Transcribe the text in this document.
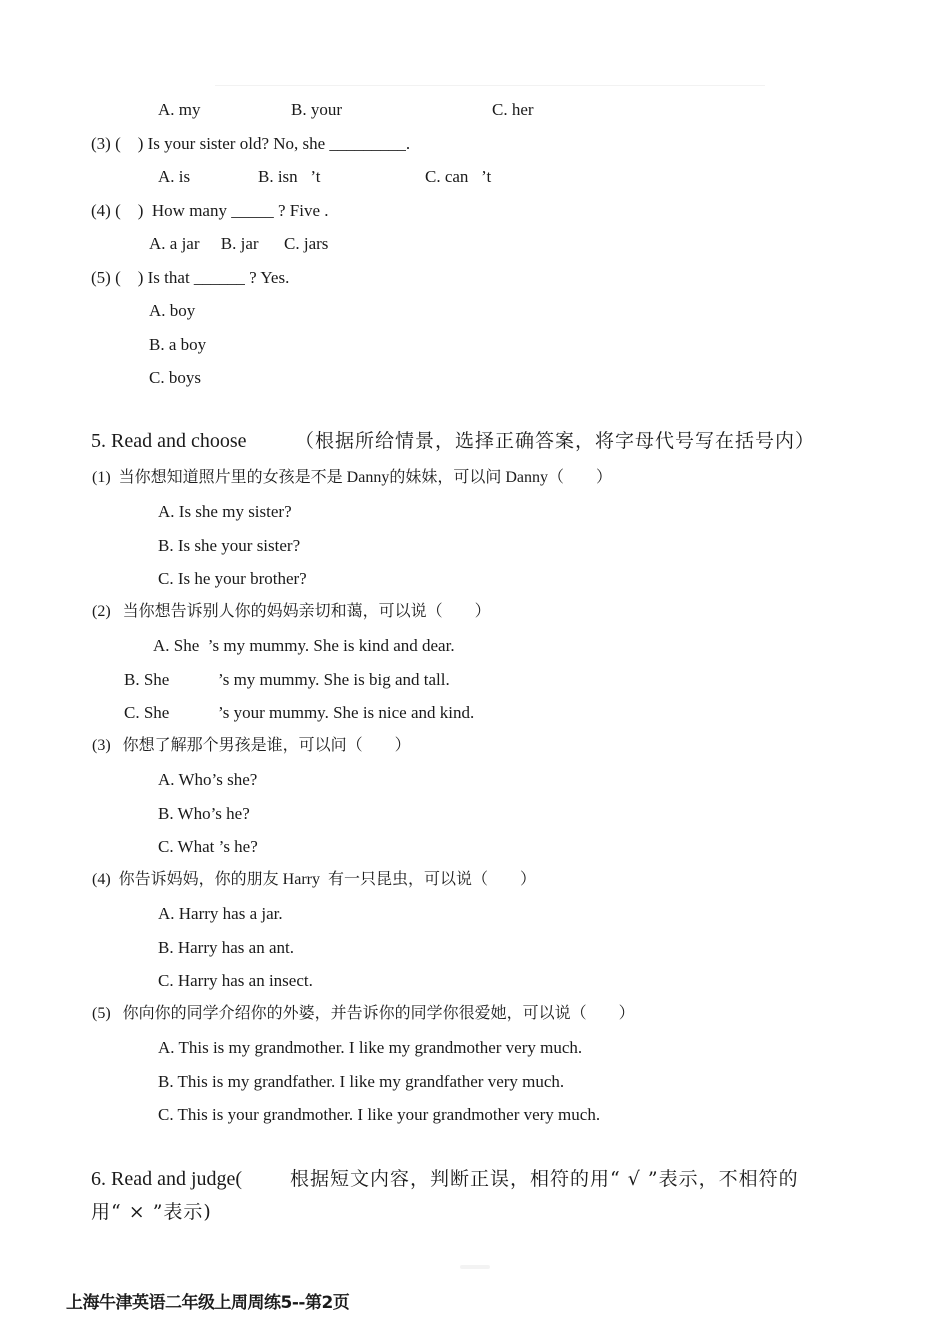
A. my	B. your	C. her
(3) (    ) Is your sister old? No, she _________.
A. is	B. isn   ’t	C. can   ’t
(4) (    )  How many _____ ? Five .
A. a jar     B. jar      C. jars
(5) (    ) Is that ______ ? Yes.
A. boy
B. a boy
C. boys
5. Read and choose	（根据所给情景，选择正确答案，将字母代号写在括号内）
(1)  当你想知道照片里的女孩是不是 Danny的妹妹，可以问 Danny（        ）
A. Is she my sister?
B. Is she your sister?
C. Is he your brother?
(2)   当你想告诉别人你的妈妈亲切和蔼，可以说（        ）
A. She  ’s my mummy. She is kind and dear.
B. She	’s my mummy. She is big and tall.
C. She	’s your mummy. She is nice and kind.
(3)   你想了解那个男孩是谁，可以问（        ）
A. Who’s she?
B. Who’s he?
C. What ’s he?
(4)  你告诉妈妈，你的朋友 Harry  有一只昆虫，可以说（        ）
A. Harry has a jar.
B. Harry has an ant.
C. Harry has an insect.
(5)   你向你的同学介绍你的外婆，并告诉你的同学你很爱她，可以说（        ）
A. This is my grandmother. I like my grandmother very much.
B. This is my grandfather. I like my grandfather very much.
C. This is your grandmother. I like your grandmother very much.
6. Read and judge(	根据短文内容，判断正误，相符的用“ √ ”表示，不相符的
用“ × ”表示)
上海牛津英语二年级上周周练5--第2页
